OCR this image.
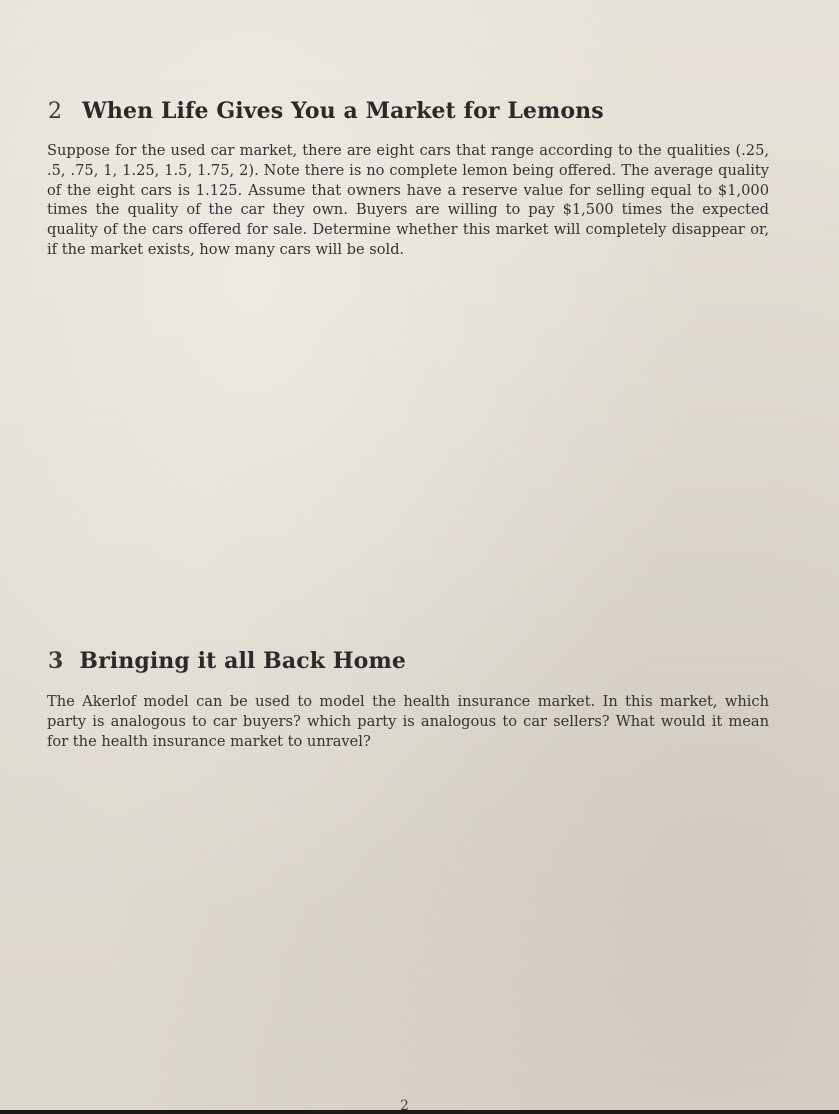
2 When Life Gives You a Market for Lemons

Suppose for the used car market, there are eight cars that range according to the qualities (.25, .5, .75, 1, 1.25, 1.5, 1.75, 2). Note there is no complete lemon being offered. The average quality of the eight cars is 1.125. Assume that owners have a reserve value for selling equal to $1,000 times the quality of the car they own. Buyers are willing to pay $1,500 times the expected quality of the cars offered for sale. Determine whether this market will completely disappear or, if the market exists, how many cars will be sold.

3 Bringing it all Back Home

The Akerlof model can be used to model the health insurance market. In this market, which party is analogous to car buyers? which party is analogous to car sellers? What would it mean for the health insurance market to unravel?

2
